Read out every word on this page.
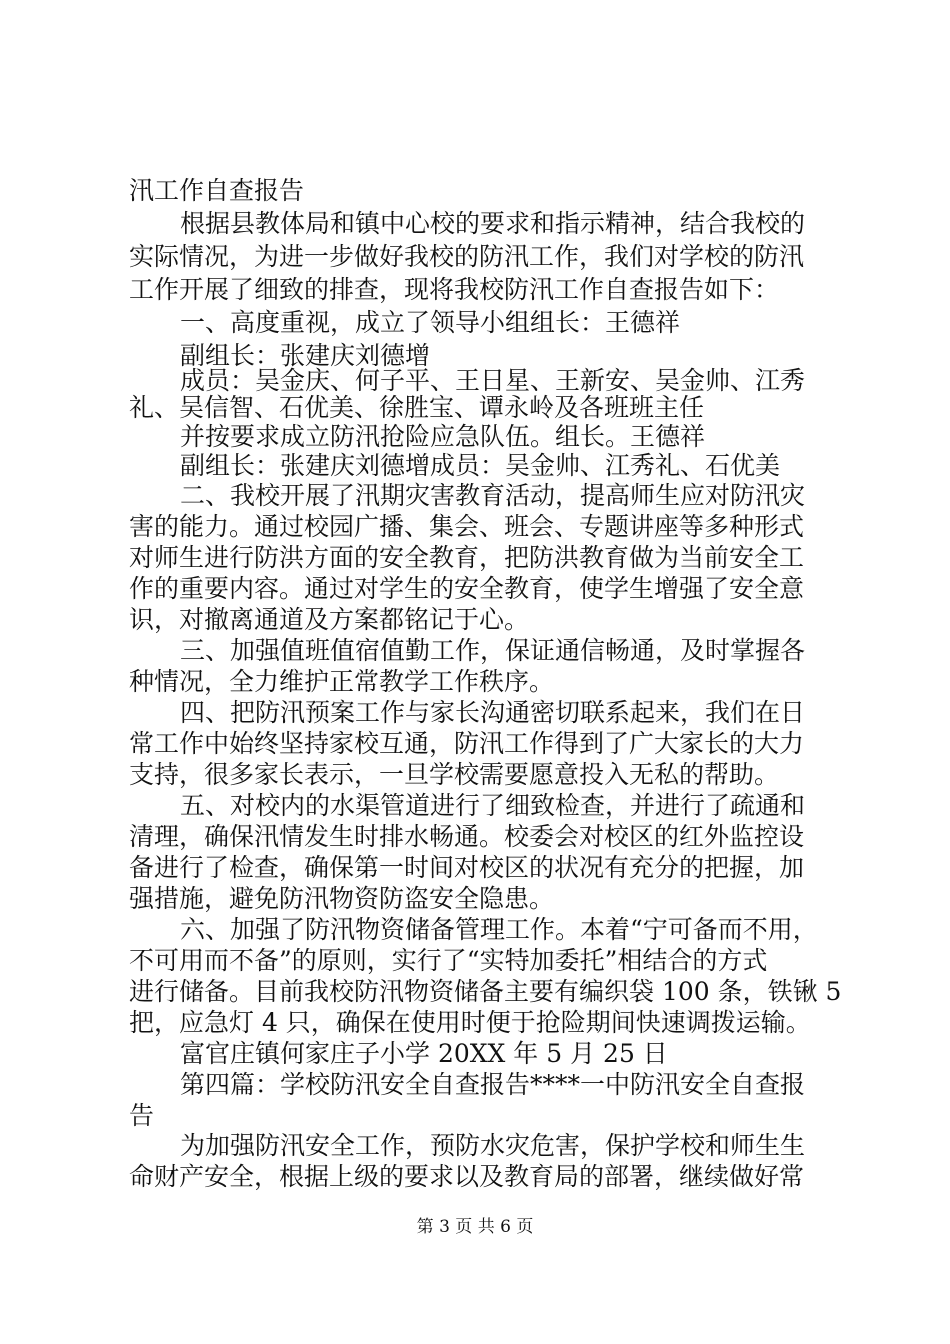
汛工作自查报告
根据县教体局和镇中心校的要求和指示精神，结合我校的
实际情况，为进一步做好我校的防汛工作，我们对学校的防汛
工作开展了细致的排查，现将我校防汛工作自查报告如下：
一、高度重视，成立了领导小组组长：王德祥
副组长：张建庆刘德增
成员：吴金庆、何子平、王日星、王新安、吴金帅、江秀
礼、吴信智、石优美、徐胜宝、谭永岭及各班班主任
并按要求成立防汛抢险应急队伍。组长。王德祥
副组长：张建庆刘德增成员：吴金帅、江秀礼、石优美
二、我校开展了汛期灾害教育活动，提高师生应对防汛灾
害的能力。通过校园广播、集会、班会、专题讲座等多种形式
对师生进行防洪方面的安全教育，把防洪教育做为当前安全工
作的重要内容。通过对学生的安全教育，使学生增强了安全意
识，对撤离通道及方案都铭记于心。
三、加强值班值宿值勤工作，保证通信畅通，及时掌握各
种情况，全力维护正常教学工作秩序。
四、把防汛预案工作与家长沟通密切联系起来，我们在日
常工作中始终坚持家校互通，防汛工作得到了广大家长的大力
支持，很多家长表示，一旦学校需要愿意投入无私的帮助。
五、对校内的水渠管道进行了细致检查，并进行了疏通和
清理，确保汛情发生时排水畅通。校委会对校区的红外监控设
备进行了检查，确保第一时间对校区的状况有充分的把握，加
强措施，避免防汛物资防盗安全隐患。
六、加强了防汛物资储备管理工作。本着“宁可备而不用，
不可用而不备”的原则，实行了“实特加委托”相结合的方式
进行储备。目前我校防汛物资储备主要有编织袋 100 条，铁锹 5
把，应急灯 4 只，确保在使用时便于抢险期间快速调拨运输。
富官庄镇何家庄子小学 20XX 年 5 月 25 日
第四篇：学校防汛安全自查报告****一中防汛安全自查报
告
为加强防汛安全工作，预防水灾危害，保护学校和师生生
命财产安全，根据上级的要求以及教育局的部署，继续做好常
第 3 页 共 6 页
